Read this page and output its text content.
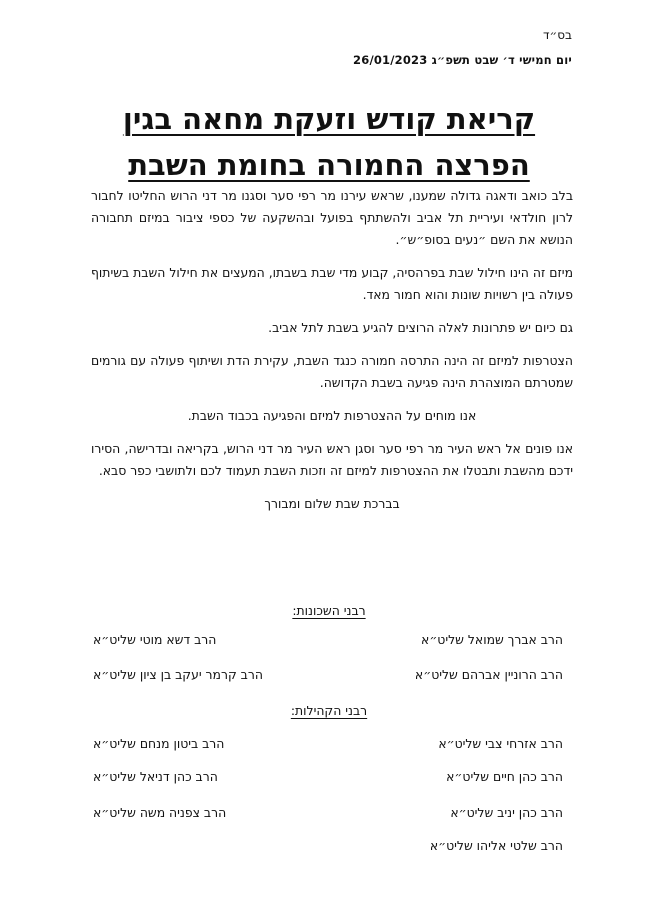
בס״ד
יום חמישי ד׳ שבט תשפ״ג 26/01/2023
קריאת קודש וזעקת מחאה בגין
הפרצה החמורה בחומת השבת

בלב כואב ודאגה גדולה שמענו, שראש עירנו מר רפי סער וסגנו מר דני הרוש החליטו לחבור לרון חולדאי ועיריית תל אביב ולהשתתף בפועל ובהשקעה של כספי ציבור במיזם תחבורה הנושא את השם ״נעים בסופ״ש״.

מיזם זה הינו חילול שבת בפרהסיה, קבוע מדי שבת בשבתו, המעצים את חילול השבת בשיתוף פעולה בין רשויות שונות והוא חמור מאד.

גם כיום יש פתרונות לאלה הרוצים להגיע בשבת לתל אביב.

הצטרפות למיזם זה הינה התרסה חמורה כנגד השבת, עקירת הדת ושיתוף פעולה עם גורמים שמטרתם המוצהרת הינה פגיעה בשבת הקדושה.

אנו מוחים על ההצטרפות למיזם והפגיעה בכבוד השבת.

אנו פונים אל ראש העיר מר רפי סער וסגן ראש העיר מר דני הרוש, בקריאה ובדרישה, הסירו ידכם מהשבת ותבטלו את ההצטרפות למיזם זה וזכות השבת תעמוד לכם ולתושבי כפר סבא.

בברכת שבת שלום ומבורך

רבני השכונות:
הרב אברך שמואל שליט״א
הרב דשא מוטי שליט״א
הרב הרוניין אברהם שליט״א
הרב קרמר יעקב בן ציון שליט״א
רבני הקהילות:
הרב אזרחי צבי שליט״א
הרב ביטון מנחם שליט״א
הרב כהן חיים שליט״א
הרב כהן דניאל שליט״א
הרב כהן יניב שליט״א
הרב צפניה משה שליט״א
הרב שלטי אליהו שליט״א
